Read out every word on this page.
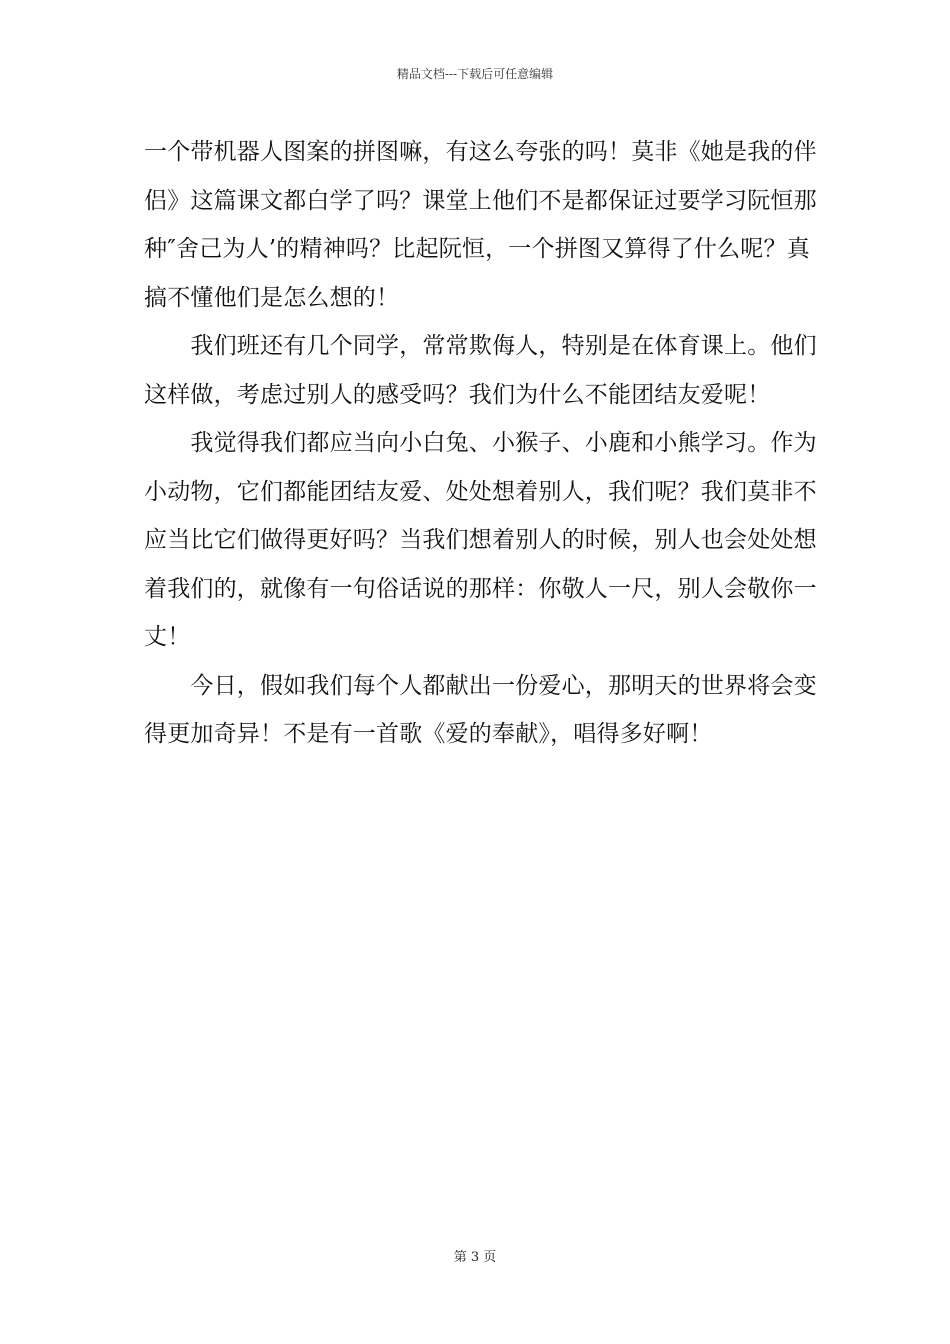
精品文档---下载后可任意编辑
一个带机器人图案的拼图嘛，有这么夸张的吗！莫非《她是我的伴
侣》这篇课文都白学了吗？课堂上他们不是都保证过要学习阮恒那
种″舍己为人’的精神吗？比起阮恒，一个拼图又算得了什么呢？真
搞不懂他们是怎么想的！
　　我们班还有几个同学，常常欺侮人，特别是在体育课上。他们
这样做，考虑过别人的感受吗？我们为什么不能团结友爱呢！
　　我觉得我们都应当向小白兔、小猴子、小鹿和小熊学习。作为
小动物，它们都能团结友爱、处处想着别人，我们呢？我们莫非不
应当比它们做得更好吗？当我们想着别人的时候，别人也会处处想
着我们的，就像有一句俗话说的那样：你敬人一尺，别人会敬你一
丈！
　　今日，假如我们每个人都献出一份爱心，那明天的世界将会变
得更加奇异！不是有一首歌《爱的奉献》，唱得多好啊！
第 3 页
